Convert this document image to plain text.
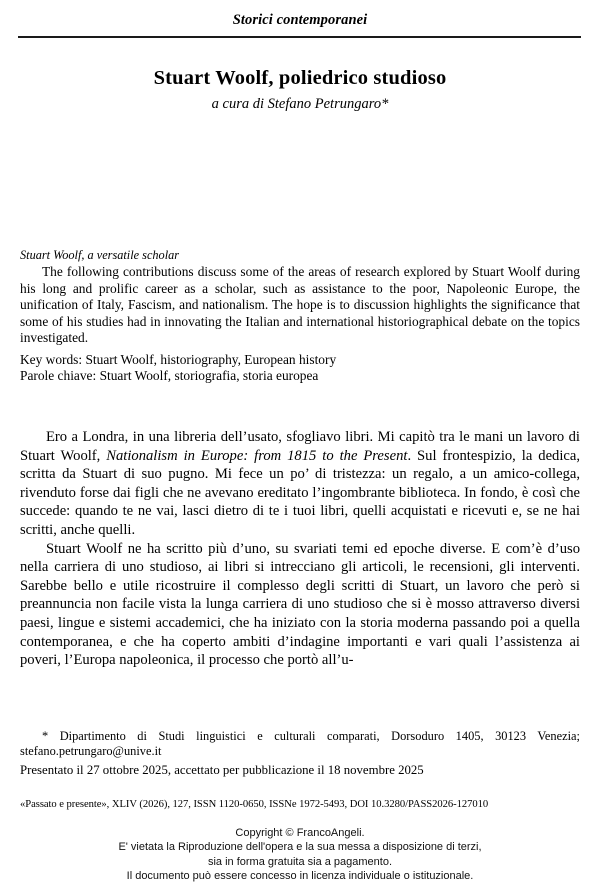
Storici contemporanei
Stuart Woolf, poliedrico studioso
a cura di Stefano Petrungaro*
Stuart Woolf, a versatile scholar
The following contributions discuss some of the areas of research explored by Stuart Woolf during his long and prolific career as a scholar, such as assistance to the poor, Napoleonic Europe, the unification of Italy, Fascism, and nationalism. The hope is to discussion highlights the significance that some of his studies had in innovating the Italian and international historiographical debate on the topics investigated.
Key words: Stuart Woolf, historiography, European history
Parole chiave: Stuart Woolf, storiografia, storia europea

Ero a Londra, in una libreria dell’usato, sfogliavo libri. Mi capitò tra le mani un lavoro di Stuart Woolf, Nationalism in Europe: from 1815 to the Present. Sul frontespizio, la dedica, scritta da Stuart di suo pugno. Mi fece un po’ di tristezza: un regalo, a un amico-collega, rivenduto forse dai figli che ne avevano ereditato l’ingombrante biblioteca. In fondo, è così che succede: quando te ne vai, lasci dietro di te i tuoi libri, quelli acquistati e ricevuti e, se ne hai scritti, anche quelli.

Stuart Woolf ne ha scritto più d’uno, su svariati temi ed epoche diverse. E com’è d’uso nella carriera di uno studioso, ai libri si intrecciano gli articoli, le recensioni, gli interventi. Sarebbe bello e utile ricostruire il complesso degli scritti di Stuart, un lavoro che però si preannuncia non facile vista la lunga carriera di uno studioso che si è mosso attraverso diversi paesi, lingue e sistemi accademici, che ha iniziato con la storia moderna passando poi a quella contemporanea, e che ha coperto ambiti d’indagine importanti e vari quali l’assistenza ai poveri, l’Europa napoleonica, il processo che portò all’u-

* Dipartimento di Studi linguistici e culturali comparati, Dorsoduro 1405, 30123 Venezia; stefano.petrungaro@unive.it
Presentato il 27 ottobre 2025, accettato per pubblicazione il 18 novembre 2025
«Passato e presente», XLIV (2026), 127, ISSN 1120-0650, ISSNe 1972-5493, DOI 10.3280/PASS2026-127010
Copyright © FrancoAngeli.
E' vietata la Riproduzione dell'opera e la sua messa a disposizione di terzi,
sia in forma gratuita sia a pagamento.
Il documento può essere concesso in licenza individuale o istituzionale.
